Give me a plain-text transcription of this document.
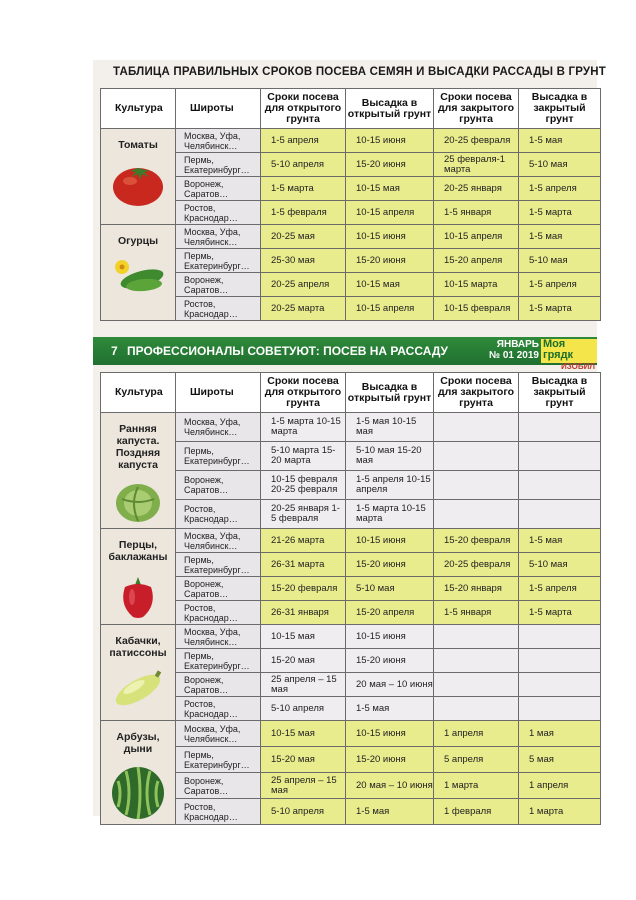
ТАБЛИЦА ПРАВИЛЬНЫХ СРОКОВ ПОСЕВА СЕМЯН И ВЫСАДКИ РАССАДЫ В ГРУНТ
Культура	Широты	Сроки посева для открытого грунта	Высадка в открытый грунт	Сроки посева для закрытого грунта	Высадка в закрытый грунт

Томаты	Москва, Уфа, Челябинск…	1-5 апреля	10-15 июня	20-25 февраля	1-5 мая
	Пермь, Екатеринбург…	5-10 апреля	15-20 июня	25 февраля-1 марта	5-10 мая
	Воронеж, Саратов…	1-5 марта	10-15 мая	20-25 января	1-5 апреля
	Ростов, Краснодар…	1-5 февраля	10-15 апреля	1-5 января	1-5 марта

Огурцы	Москва, Уфа, Челябинск…	20-25 мая	10-15 июня	10-15 апреля	1-5 мая
	Пермь, Екатеринбург…	25-30 мая	15-20 июня	15-20 апреля	5-10 мая
	Воронеж, Саратов…	20-25 апреля	10-15 мая	10-15 марта	1-5 апреля
	Ростов, Краснодар…	20-25 марта	10-15 апреля	10-15 февраля	1-5 марта
7 ПРОФЕССИОНАЛЫ СОВЕТУЮТ: ПОСЕВ НА РАССАДУ	ЯНВАРЬ
№ 01 2019
Моя грядк
ИЗОБИЛ
Культура	Широты	Сроки посева для открытого грунта	Высадка в открытый грунт	Сроки посева для закрытого грунта	Высадка в закрытый грунт

Ранняя капуста. Поздняя капуста	Москва, Уфа, Челябинск…	1-5 марта 10-15 марта	1-5 мая 10-15 мая		
	Пермь, Екатеринбург…	5-10 марта 15-20 марта	5-10 мая 15-20 мая		
	Воронеж, Саратов…	10-15 февраля 20-25 февраля	1-5 апреля 10-15 апреля		
	Ростов, Краснодар…	20-25 января 1-5 февраля	1-5 марта 10-15 марта		

Перцы, баклажаны	Москва, Уфа, Челябинск…	21-26 марта	10-15 июня	15-20 февраля	1-5 мая
	Пермь, Екатеринбург…	26-31 марта	15-20 июня	20-25 февраля	5-10 мая
	Воронеж, Саратов…	15-20 февраля	5-10 мая	15-20 января	1-5 апреля
	Ростов, Краснодар…	26-31 января	15-20 апреля	1-5 января	1-5 марта

Кабачки, патиссоны	Москва, Уфа, Челябинск…	10-15 мая	10-15 июня		
	Пермь, Екатеринбург…	15-20 мая	15-20 июня		
	Воронеж, Саратов…	25 апреля – 15 мая	20 мая – 10 июня		
	Ростов, Краснодар…	5-10 апреля	1-5 мая		

Арбузы, дыни	Москва, Уфа, Челябинск…	10-15 мая	10-15 июня	1 апреля	1 мая
	Пермь, Екатеринбург…	15-20 мая	15-20 июня	5 апреля	5 мая
	Воронеж, Саратов…	25 апреля – 15 мая	20 мая – 10 июня	1 марта	1 апреля
	Ростов, Краснодар…	5-10 апреля	1-5 мая	1 февраля	1 марта
